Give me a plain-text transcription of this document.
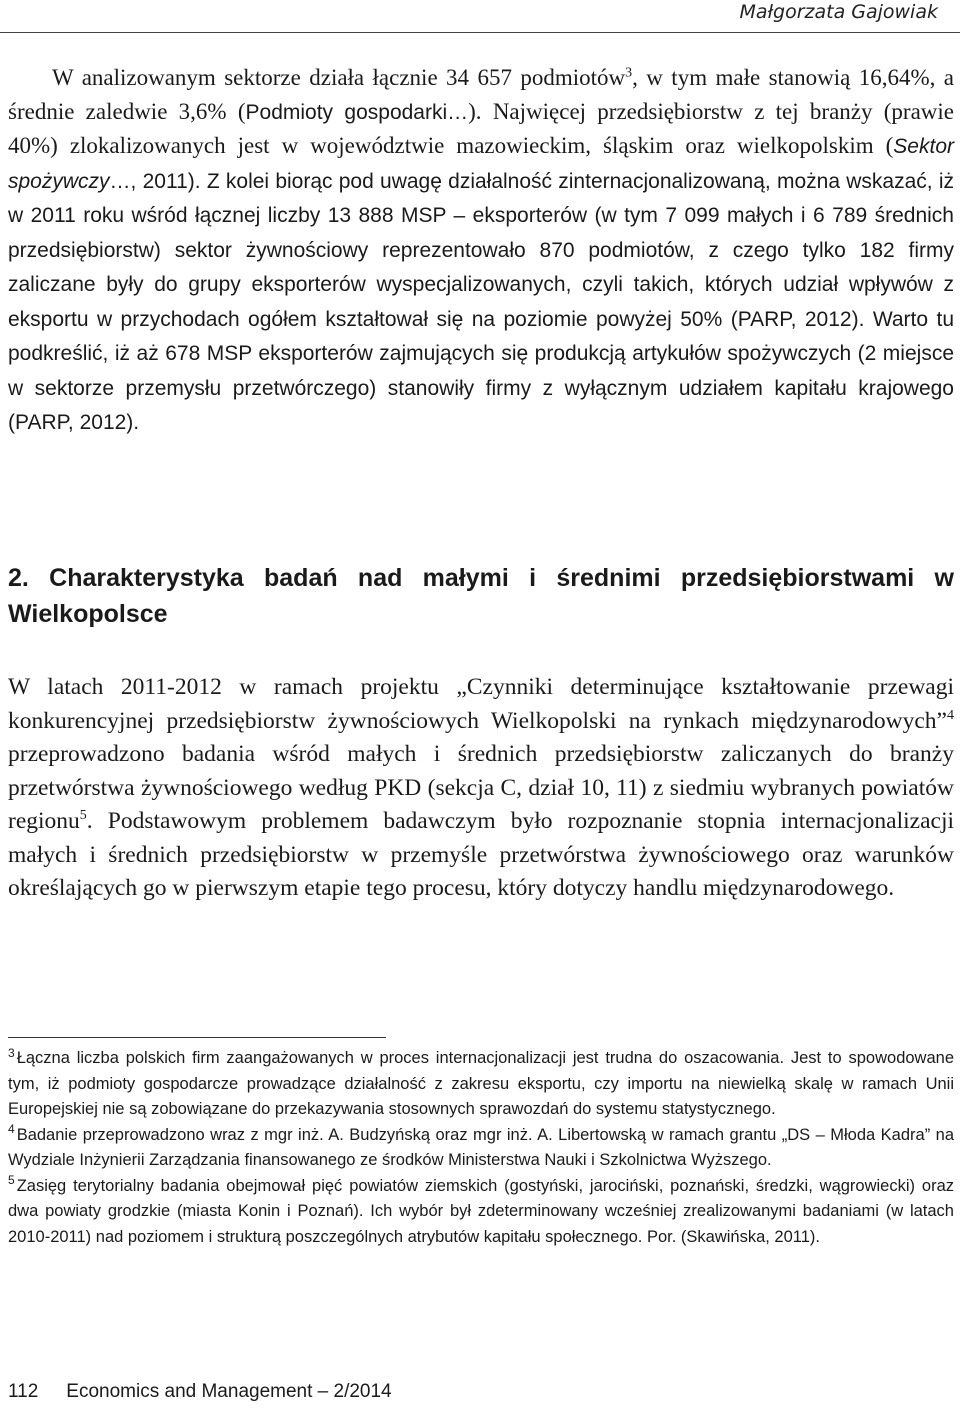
Małgorzata Gajowiak

W analizowanym sektorze działa łącznie 34 657 podmiotów$^3$, w tym małe stanowią 16,64%, a średnie zaledwie 3,6% (Podmioty gospodarki…). Najwięcej przedsiębiorstw z tej branży (prawie 40%) zlokalizowanych jest w województwie mazowieckim, śląskim oraz wielkopolskim (Sektor spożywczy…, 2011). Z kolei biorąc pod uwagę działalność zinternacjonalizowaną, można wskazać, iż w 2011 roku wśród łącznej liczby 13 888 MSP – eksporterów (w tym 7 099 małych i 6 789 średnich przedsiębiorstw) sektor żywnościowy reprezentowało 870 podmiotów, z czego tylko 182 firmy zaliczane były do grupy eksporterów wyspecjalizowanych, czyli takich, których udział wpływów z eksportu w przychodach ogółem kształtował się na poziomie powyżej 50% (PARP, 2012). Warto tu podkreślić, iż aż 678 MSP eksporterów zajmujących się produkcją artykułów spożywczych (2 miejsce w sektorze przemysłu przetwórczego) stanowiły firmy z wyłącznym udziałem kapitału krajowego (PARP, 2012).

2. Charakterystyka badań nad małymi i średnimi przedsiębiorstwami w Wielkopolsce

W latach 2011-2012 w ramach projektu „Czynniki determinujące kształtowanie przewagi konkurencyjnej przedsiębiorstw żywnościowych Wielkopolski na rynkach międzynarodowych”$^4$ przeprowadzono badania wśród małych i średnich przedsiębiorstw zaliczanych do branży przetwórstwa żywnościowego według PKD (sekcja C, dział 10, 11) z siedmiu wybranych powiatów regionu$^5$. Podstawowym problemem badawczym było rozpoznanie stopnia internacjonalizacji małych i średnich przedsiębiorstw w przemyśle przetwórstwa żywnościowego oraz warunków określających go w pierwszym etapie tego procesu, który dotyczy handlu międzynarodowego.

$^3$ Łączna liczba polskich firm zaangażowanych w proces internacjonalizacji jest trudna do oszacowania. Jest to spowodowane tym, iż podmioty gospodarcze prowadzące działalność z zakresu eksportu, czy importu na niewielką skalę w ramach Unii Europejskiej nie są zobowiązane do przekazywania stosownych sprawozdań do systemu statystycznego.

$^4$ Badanie przeprowadzono wraz z mgr inż. A. Budzyńską oraz mgr inż. A. Libertowską w ramach grantu „DS – Młoda Kadra” na Wydziale Inżynierii Zarządzania finansowanego ze środków Ministerstwa Nauki i Szkolnictwa Wyższego.

$^5$ Zasięg terytorialny badania obejmował pięć powiatów ziemskich (gostyński, jarociński, poznański, średzki, wągrowiecki) oraz dwa powiaty grodzkie (miasta Konin i Poznań). Ich wybór był zdeterminowany wcześniej zrealizowanymi badaniami (w latach 2010-2011) nad poziomem i strukturą poszczególnych atrybutów kapitału społecznego. Por. (Skawińska, 2011).

112 Economics and Management – 2/2014
